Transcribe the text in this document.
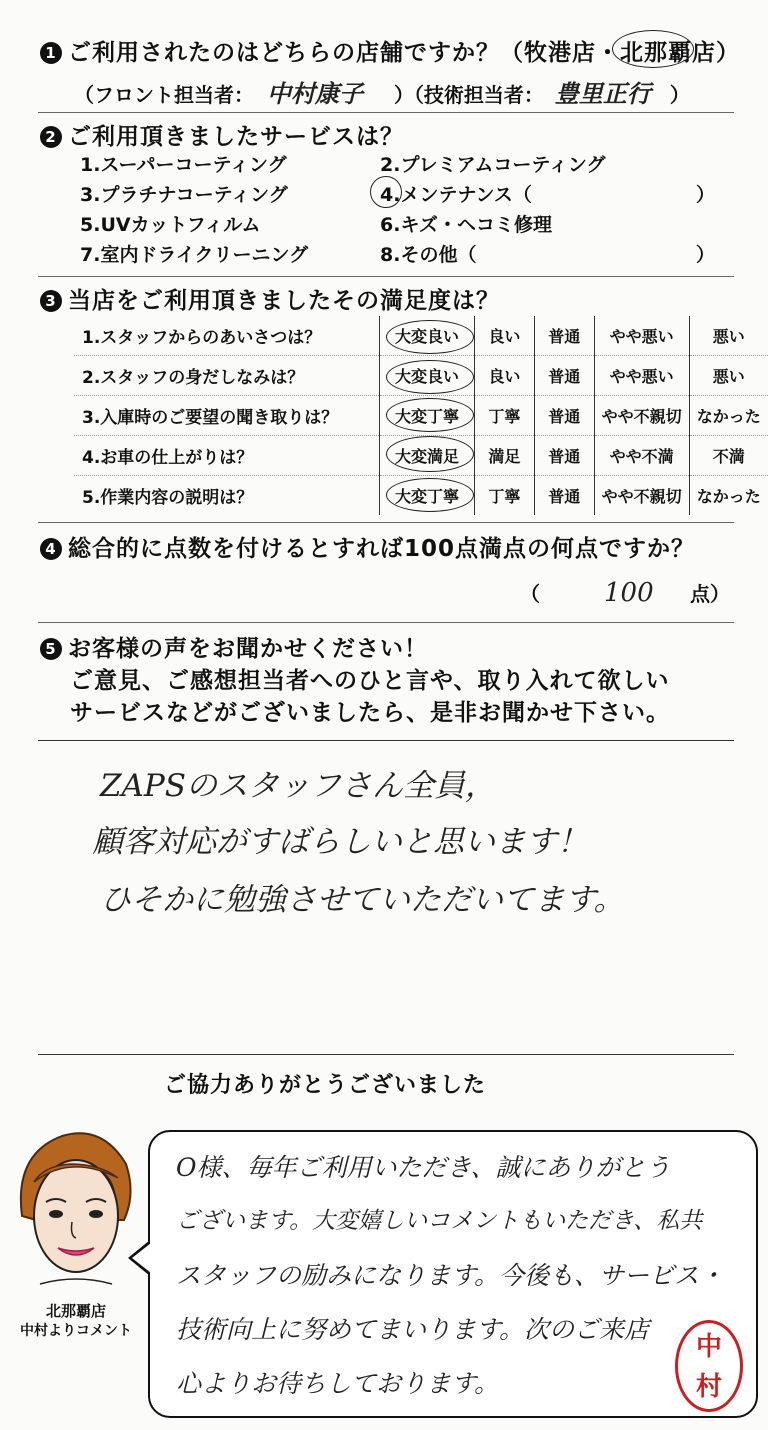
1 ご利用されたのはどちらの店舗ですか？（牧港店・北那覇店）
（フロント担当者： 中村康子 ）（技術担当者： 豊里正行 ）
2 ご利用頂きましたサービスは？
1.スーパーコーティング	2.プレミアムコーティング
3.プラチナコーティング	4.メンテナンス（	）
5.UVカットフィルム	6.キズ・ヘコミ修理
7.室内ドライクリーニング	8.その他（	）
3 当店をご利用頂きましたその満足度は？
1.スタッフからのあいさつは？	大変良い	良い	普通	やや悪い	悪い
2.スタッフの身だしなみは？	大変良い	良い	普通	やや悪い	悪い
3.入庫時のご要望の聞き取りは？	大変丁寧	丁寧	普通	やや不親切	なかった
4.お車の仕上がりは？	大変満足	満足	普通	やや不満	不満
5.作業内容の説明は？	大変丁寧	丁寧	普通	やや不親切	なかった
4 総合的に点数を付けるとすれば100点満点の何点ですか？
（ 100 点）
5 お客様の声をお聞かせください！
ご意見、ご感想担当者へのひと言や、取り入れて欲しい
サービスなどがございましたら、是非お聞かせ下さい。
ZAPSのスタッフさん全員，
顧客対応がすばらしいと思います！
ひそかに勉強させていただいてます。
ご協力ありがとうございました
北那覇店
中村よりコメント
O様、毎年ご利用いただき、誠にありがとう
ございます。大変嬉しいコメントもいただき、私共
スタッフの励みになります。今後も、サービス・
技術向上に努めてまいります。次のご来店
心よりお待ちしております。
中
村
